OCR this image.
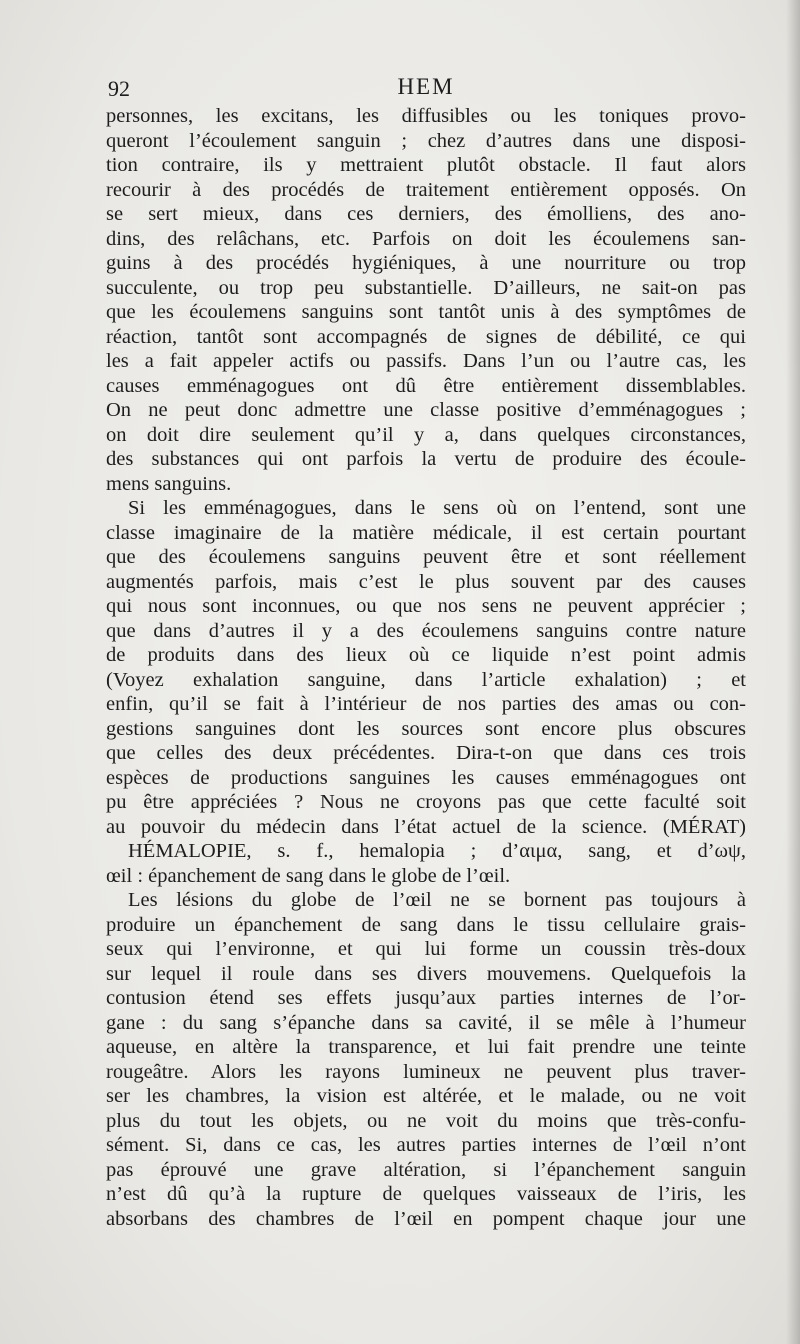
92	HEM
personnes, les excitans, les diffusibles ou les toniques provo-
queront l’écoulement sanguin ; chez d’autres dans une disposi-
tion contraire, ils y mettraient plutôt obstacle. Il faut alors
recourir à des procédés de traitement entièrement opposés. On
se sert mieux, dans ces derniers, des émolliens, des ano-
dins, des relâchans, etc. Parfois on doit les écoulemens san-
guins à des procédés hygiéniques, à une nourriture ou trop
succulente, ou trop peu substantielle. D’ailleurs, ne sait-on pas
que les écoulemens sanguins sont tantôt unis à des symptômes de
réaction, tantôt sont accompagnés de signes de débilité, ce qui
les a fait appeler actifs ou passifs. Dans l’un ou l’autre cas, les
causes emménagogues ont dû être entièrement dissemblables.
On ne peut donc admettre une classe positive d’emménagogues ;
on doit dire seulement qu’il y a, dans quelques circonstances,
des substances qui ont parfois la vertu de produire des écoule-
mens sanguins.
Si les emménagogues, dans le sens où on l’entend, sont une
classe imaginaire de la matière médicale, il est certain pourtant
que des écoulemens sanguins peuvent être et sont réellement
augmentés parfois, mais c’est le plus souvent par des causes
qui nous sont inconnues, ou que nos sens ne peuvent apprécier ;
que dans d’autres il y a des écoulemens sanguins contre nature
de produits dans des lieux où ce liquide n’est point admis
(Voyez exhalation sanguine, dans l’article exhalation) ; et
enfin, qu’il se fait à l’intérieur de nos parties des amas ou con-
gestions sanguines dont les sources sont encore plus obscures
que celles des deux précédentes. Dira-t-on que dans ces trois
espèces de productions sanguines les causes emménagogues ont
pu être appréciées ? Nous ne croyons pas que cette faculté soit
au pouvoir du médecin dans l’état actuel de la science. (MÉRAT)
HÉMALOPIE, s. f., hemalopia ; d’αιμα, sang, et d’ωψ,
œil : épanchement de sang dans le globe de l’œil.
Les lésions du globe de l’œil ne se bornent pas toujours à
produire un épanchement de sang dans le tissu cellulaire grais-
seux qui l’environne, et qui lui forme un coussin très-doux
sur lequel il roule dans ses divers mouvemens. Quelquefois la
contusion étend ses effets jusqu’aux parties internes de l’or-
gane : du sang s’épanche dans sa cavité, il se mêle à l’humeur
aqueuse, en altère la transparence, et lui fait prendre une teinte
rougeâtre. Alors les rayons lumineux ne peuvent plus traver-
ser les chambres, la vision est altérée, et le malade, ou ne voit
plus du tout les objets, ou ne voit du moins que très-confu-
sément. Si, dans ce cas, les autres parties internes de l’œil n’ont
pas éprouvé une grave altération, si l’épanchement sanguin
n’est dû qu’à la rupture de quelques vaisseaux de l’iris, les
absorbans des chambres de l’œil en pompent chaque jour une
